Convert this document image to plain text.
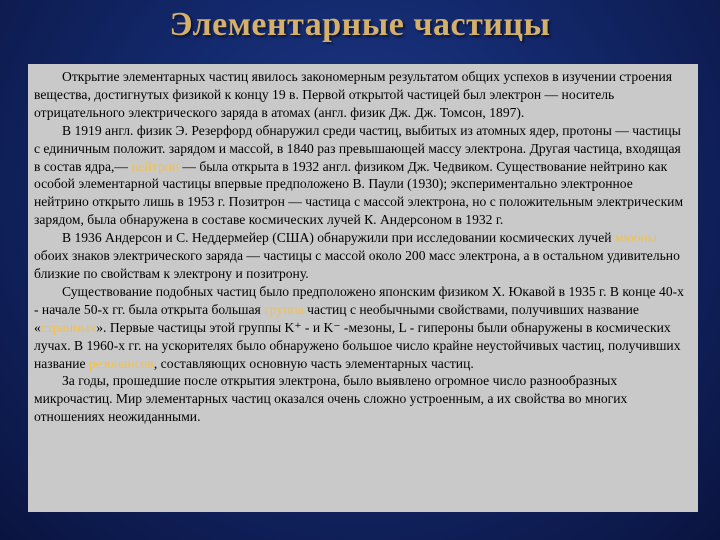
Элементарные частицы

Открытие элементарных частиц явилось закономерным результатом общих успехов в изучении строения вещества, достигнутых физикой к концу 19 в. Первой открытой частицей был электрон — носитель отрицательного электрического заряда в атомах (англ. физик Дж. Дж. Томсон, 1897).

В 1919 англ. физик Э. Резерфорд обнаружил среди частиц, выбитых из атомных ядер, протоны — частицы с единичным положит. зарядом и массой, в 1840 раз превышающей массу электрона. Другая частица, входящая в состав ядра,— нейтрон — была открыта в 1932 англ. физиком Дж. Чедвиком. Существование нейтрино как особой элементарной частицы впервые предположено В. Паули (1930); экспериментально электронное нейтрино открыто лишь в 1953 г. Позитрон — частица с массой электрона, но с положительным электрическим зарядом, была обнаружена в составе космических лучей К. Андерсоном в 1932 г.

В 1936 Андерсон и С. Неддермейер (США) обнаружили при исследовании космических лучей мюоны обоих знаков электрического заряда — частицы с массой около 200 масс электрона, а в остальном удивительно близкие по свойствам к электрону и позитрону.

Существование подобных частиц было предположено японским физиком Х. Юкавой в 1935 г. В конце 40-х - начале 50-х гг. была открыта большая группа частиц с необычными свойствами, получивших название «странных». Первые частицы этой группы K⁺ - и K⁻ -мезоны, L - гипероны были обнаружены в космических лучах. В 1960-х гг. на ускорителях было обнаружено большое число крайне неустойчивых частиц, получивших название резонансов, составляющих основную часть элементарных частиц.

За годы, прошедшие после открытия электрона, было выявлено огромное число разнообразных микрочастиц. Мир элементарных частиц оказался очень сложно устроенным, а их свойства во многих отношениях неожиданными.
